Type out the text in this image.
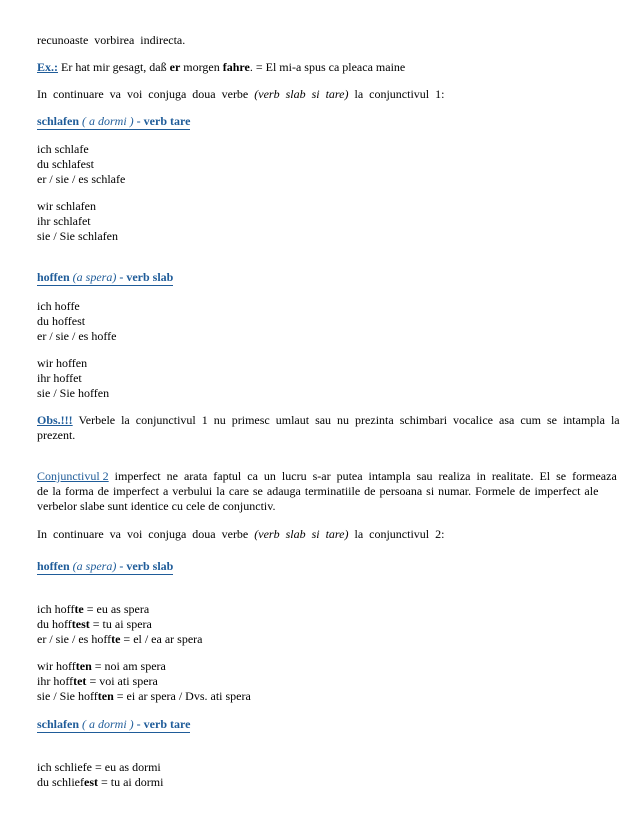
recunoaste vorbirea indirecta.
Ex.: Er hat mir gesagt, daß er morgen fahre. = El mi-a spus ca pleaca maine
In continuare va voi conjuga doua verbe (verb slab si tare) la conjunctivul 1:
schlafen ( a dormi ) - verb tare
ich schlafe
du schlafest
er / sie / es schlafe
wir schlafen
ihr schlafet
sie / Sie schlafen
hoffen (a spera) - verb slab
ich hoffe
du hoffest
er / sie / es hoffe
wir hoffen
ihr hoffet
sie / Sie hoffen
Obs.!!! Verbele la conjunctivul 1 nu primesc umlaut sau nu prezinta schimbari vocalice asa cum se intampla la
prezent.
Conjunctivul 2 imperfect ne arata faptul ca un lucru s-ar putea intampla sau realiza in realitate. El se formeaza
de la forma de imperfect a verbului la care se adauga terminatiile de persoana si numar. Formele de imperfect ale
verbelor slabe sunt identice cu cele de conjunctiv.
In continuare va voi conjuga doua verbe (verb slab si tare) la conjunctivul 2:
hoffen (a spera) - verb slab
ich hoffte = eu as spera
du hofftest = tu ai spera
er / sie / es hoffte = el / ea ar spera
wir hofften = noi am spera
ihr hofftet = voi ati spera
sie / Sie hofften = ei ar spera / Dvs. ati spera
schlafen ( a dormi ) - verb tare
ich schliefe = eu as dormi
du schliefest = tu ai dormi
